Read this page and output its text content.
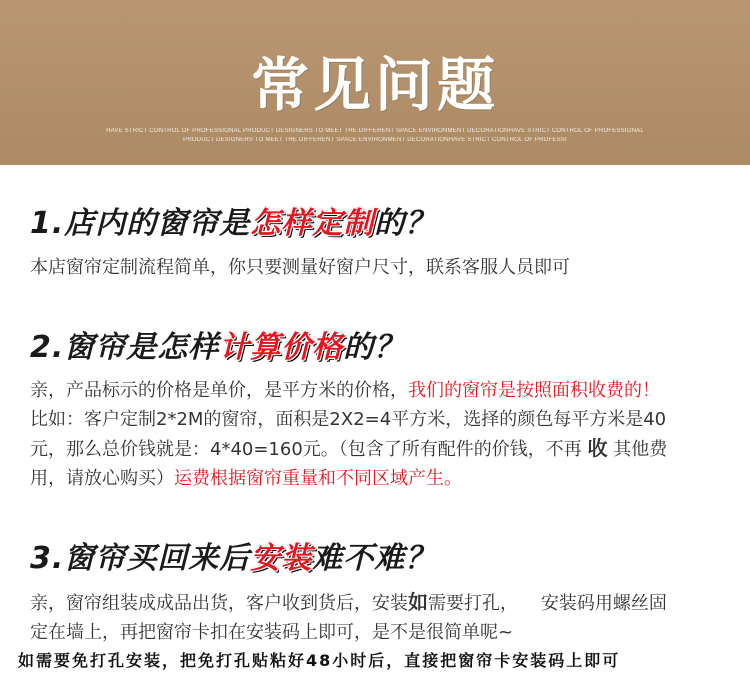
常见问题
HAVE STRICT CONTROL OF PROFESSIONAL PRODUCT DESIGNERS TO MEET THE DIFFERENT SPACE ENVIRONMENT DECORATIONHAVE STRICT CONTROL OF PROFESSIONAL
PRODUCT DESIGNERS TO MEET THE DIFFERENT SPACE ENVIRONMENT DECORATIONHAVE STRICT CONTROL OF PROFESSI
1.店内的窗帘是怎样定制的？
本店窗帘定制流程简单，你只要测量好窗户尺寸，联系客服人员即可
2.窗帘是怎样计算价格的？
亲，产品标示的价格是单价，是平方米的价格，我们的窗帘是按照面积收费的！
比如：客户定制2*2M的窗帘，面积是2X2=4平方米，选择的颜色每平方米是40
元，那么总价钱就是：4*40=160元。（包含了所有配件的价钱，不再 收 其他费
用，请放心购买）运费根据窗帘重量和不同区域产生。
3.窗帘买回来后安装难不难？
亲，窗帘组装成成品出货，客户收到货后，安装如需要打孔，    安装码用螺丝固
定在墙上，再把窗帘卡扣在安装码上即可，是不是很简单呢~
如需要免打孔安装，把免打孔贴粘好48小时后，直接把窗帘卡安装码上即可
